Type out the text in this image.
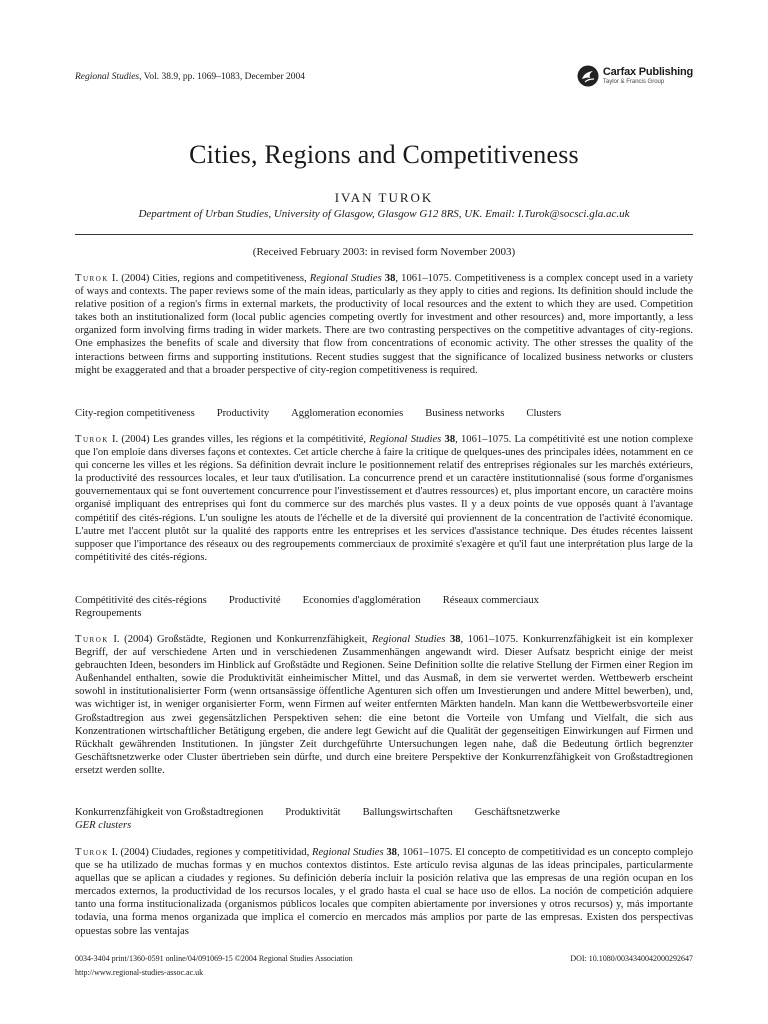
Regional Studies, Vol. 38.9, pp. 1069–1083, December 2004	Carfax Publishing
Taylor & Francis Group
Cities, Regions and Competitiveness
IVAN TUROK
Department of Urban Studies, University of Glasgow, Glasgow G12 8RS, UK. Email: I.Turok@socsci.gla.ac.uk
(Received February 2003: in revised form November 2003)

Turok I. (2004) Cities, regions and competitiveness, Regional Studies 38, 1061–1075. Competitiveness is a complex concept used in a variety of ways and contexts. The paper reviews some of the main ideas, particularly as they apply to cities and regions. Its definition should include the relative position of a region's firms in external markets, the productivity of local resources and the extent to which they are used. Competition takes both an institutionalized form (local public agencies competing overtly for investment and other resources) and, more importantly, a less organized form involving firms trading in wider markets. There are two contrasting perspectives on the competitive advantages of city-regions. One emphasizes the benefits of scale and diversity that flow from concentrations of economic activity. The other stresses the quality of the interactions between firms and supporting institutions. Recent studies suggest that the significance of localized business networks or clusters might be exaggerated and that a broader perspective of city-region competitiveness is required.

City-region competitiveness Productivity Agglomeration economies Business networks Clusters

Turok I. (2004) Les grandes villes, les régions et la compétitivité, Regional Studies 38, 1061–1075. La compétitivité est une notion complexe que l'on emploie dans diverses façons et contextes. Cet article cherche à faire la critique de quelques-unes des principales idées, notamment en ce qui concerne les villes et les régions. Sa définition devrait inclure le positionnement relatif des entreprises régionales sur les marchés extérieurs, la productivité des ressources locales, et leur taux d'utilisation. La concurrence prend et un caractère institutionnalisé (sous forme d'organismes gouvernementaux qui se font ouvertement concurrence pour l'investissement et d'autres ressources) et, plus important encore, un caractère moins organisé impliquant des entreprises qui font du commerce sur des marchés plus vastes. Il y a deux points de vue opposés quant à l'avantage compétitif des cités-régions. L'un souligne les atouts de l'échelle et de la diversité qui proviennent de la concentration de l'activité économique. L'autre met l'accent plutôt sur la qualité des rapports entre les entreprises et les services d'assistance technique. Des études récentes laissent supposer que l'importance des réseaux ou des regroupements commerciaux de proximité s'exagère et qu'il faut une interprétation plus large de la compétitivité des cités-régions.

Compétitivité des cités-régions Productivité Economies d'agglomération Réseaux commerciaux
Regroupements

Turok I. (2004) Großstädte, Regionen und Konkurrenzfähigkeit, Regional Studies 38, 1061–1075. Konkurrenzfähigkeit ist ein komplexer Begriff, der auf verschiedene Arten und in verschiedenen Zusammenhängen angewandt wird. Dieser Aufsatz bespricht einige der meist gebrauchten Ideen, besonders im Hinblick auf Großstädte und Regionen. Seine Definition sollte die relative Stellung der Firmen einer Region im Außenhandel enthalten, sowie die Produktivität einheimischer Mittel, und das Ausmaß, in dem sie verwertet werden. Wettbewerb erscheint sowohl in institutionalisierter Form (wenn ortsansässige öffentliche Agenturen sich offen um Investierungen und andere Mittel bewerben), und, was wichtiger ist, in weniger organisierter Form, wenn Firmen auf weiter entfernten Märkten handeln. Man kann die Wettbewerbsvorteile einer Großstadtregion aus zwei gegensätzlichen Perspektiven sehen: die eine betont die Vorteile von Umfang und Vielfalt, die sich aus Konzentrationen wirtschaftlicher Betätigung ergeben, die andere legt Gewicht auf die Qualität der gegenseitigen Einwirkungen auf Firmen und Rückhalt gewährenden Institutionen. In jüngster Zeit durchgeführte Untersuchungen legen nahe, daß die Bedeutung örtlich begrenzter Geschäftsnetzwerke oder Cluster übertrieben sein dürfte, und durch eine breitere Perspektive der Konkurrenzfähigkeit von Großstadtregionen ersetzt werden sollte.

Konkurrenzfähigkeit von Großstadtregionen Produktivität Ballungswirtschaften Geschäftsnetzwerke
GER clusters

Turok I. (2004) Ciudades, regiones y competitividad, Regional Studies 38, 1061–1075. El concepto de competitividad es un concepto complejo que se ha utilizado de muchas formas y en muchos contextos distintos. Este artículo revisa algunas de las ideas principales, particularmente aquellas que se aplican a ciudades y regiones. Su definición debería incluir la posición relativa que las empresas de una región ocupan en los mercados externos, la productividad de los recursos locales, y el grado hasta el cual se hace uso de ellos. La noción de competición adquiere tanto una forma institucionalizada (organismos públicos locales que compiten abiertamente por inversiones y otros recursos) y, más importante todavía, una forma menos organizada que implica el comercio en mercados más amplios por parte de las empresas. Existen dos perspectivas opuestas sobre las ventajas

0034-3404 print/1360-0591 online/04/091069-15 ©2004 Regional Studies Association	DOI: 10.1080/0034340042000292647
http://www.regional-studies-assoc.ac.uk
